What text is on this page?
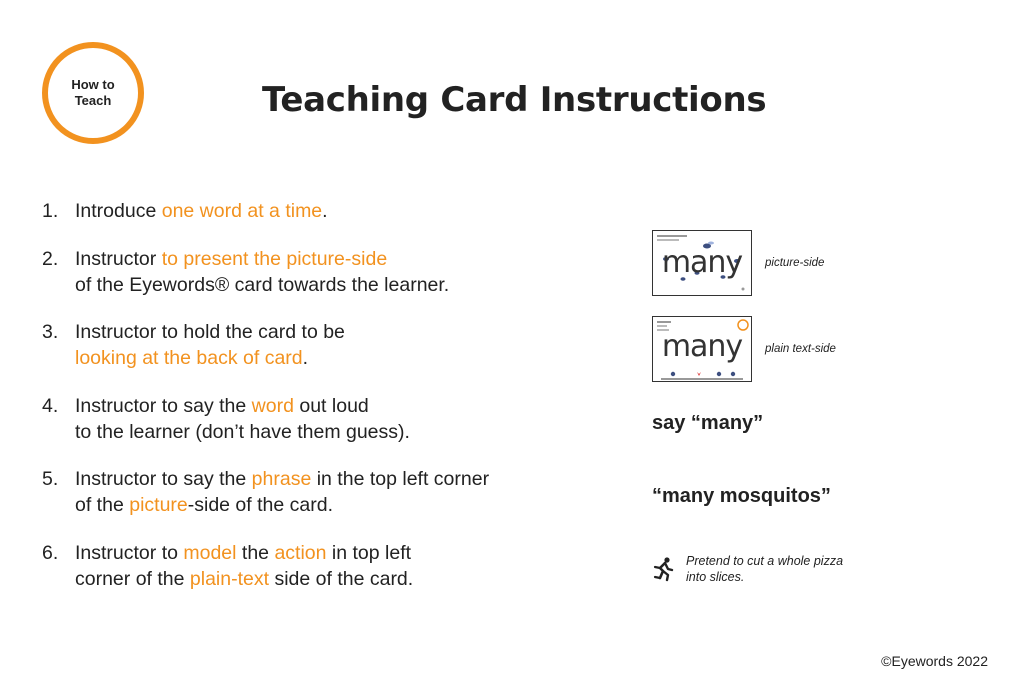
How to
Teach	Teaching Card Instructions
1. Introduce one word at a time.
2. Instructor to present the picture-side
of the Eyewords® card towards the learner.
3. Instructor to hold the card to be
looking at the back of card.
4. Instructor to say the word out loud
to the learner (don’t have them guess).
5. Instructor to say the phrase in the top left corner
of the picture-side of the card.
6. Instructor to model the action in top left
corner of the plain-text side of the card.
many	picture-side
many	plain text-side
say “many”
“many mosquitos”
Pretend to cut a whole pizza
into slices.
©Eyewords 2022
